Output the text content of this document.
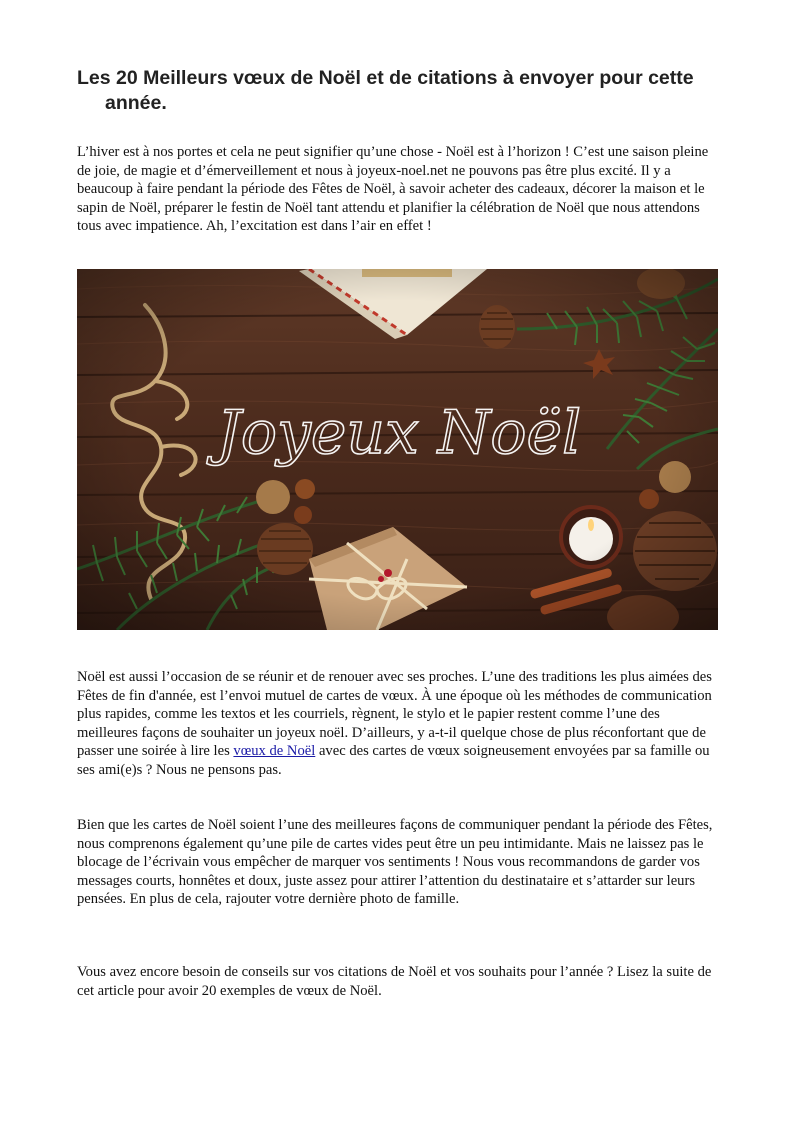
Les 20 Meilleurs vœux de Noël et de citations à envoyer pour cette année.

L’hiver est à nos portes et cela ne peut signifier qu’une chose - Noël est à l’horizon ! C’est une saison pleine de joie, de magie et d’émerveillement et nous à joyeux-noel.net ne pouvons pas être plus excité. Il y a beaucoup à faire pendant la période des Fêtes de Noël, à savoir acheter des cadeaux, décorer la maison et le sapin de Noël, préparer le festin de Noël tant attendu et planifier la célébration de Noël que nous attendons tous avec impatience. Ah, l’excitation est dans l’air en effet !

Noël est aussi l’occasion de se réunir et de renouer avec ses proches. L’une des traditions les plus aimées des Fêtes de fin d'année, est l’envoi mutuel de cartes de vœux. À une époque où les méthodes de communication plus rapides, comme les textos et les courriels, règnent, le stylo et le papier restent comme l’une des meilleures façons de souhaiter un joyeux noël. D’ailleurs, y a-t-il quelque chose de plus réconfortant que de passer une soirée à lire les vœux de Noël avec des cartes de vœux soigneusement envoyées par sa famille ou ses ami(e)s ? Nous ne pensons pas.

Bien que les cartes de Noël soient l’une des meilleures façons de communiquer pendant la période des Fêtes, nous comprenons également qu’une pile de cartes vides peut être un peu intimidante. Mais ne laissez pas le blocage de l’écrivain vous empêcher de marquer vos sentiments ! Nous vous recommandons de garder vos messages courts, honnêtes et doux, juste assez pour attirer l’attention du destinataire et s’attarder sur leurs pensées. En plus de cela, rajouter votre dernière photo de famille.

Vous avez encore besoin de conseils sur vos citations de Noël et vos souhaits pour l’année ? Lisez la suite de cet article pour avoir 20 exemples de vœux de Noël.
